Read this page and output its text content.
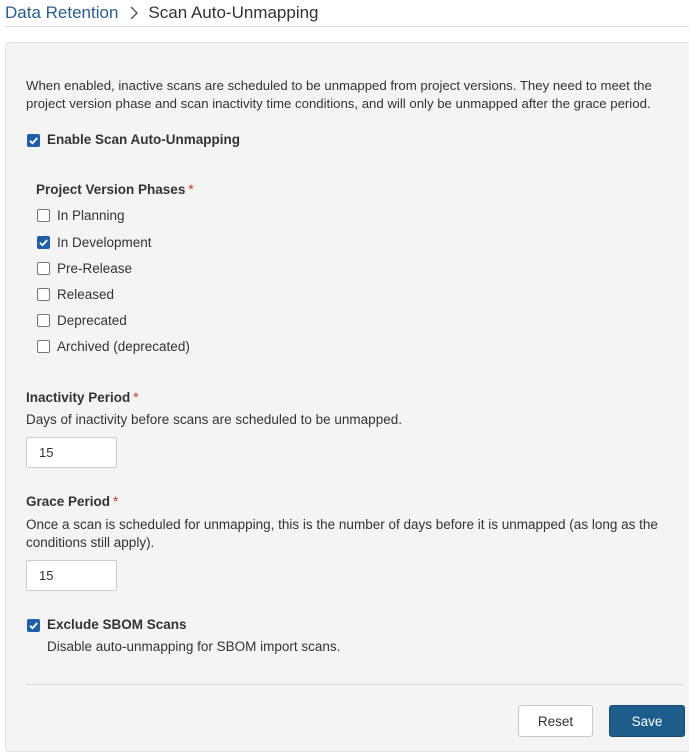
Data Retention Scan Auto-Unmapping
When enabled, inactive scans are scheduled to be unmapped from project versions. They need to meet the project version phase and scan inactivity time conditions, and will only be unmapped after the grace period.
Enable Scan Auto-Unmapping
Project Version Phases *
In Planning
In Development
Pre-Release
Released
Deprecated
Archived (deprecated)
Inactivity Period *
Days of inactivity before scans are scheduled to be unmapped.
15
Grace Period *
Once a scan is scheduled for unmapping, this is the number of days before it is unmapped (as long as the conditions still apply).
15
Exclude SBOM Scans
Disable auto-unmapping for SBOM import scans.
Reset	Save
